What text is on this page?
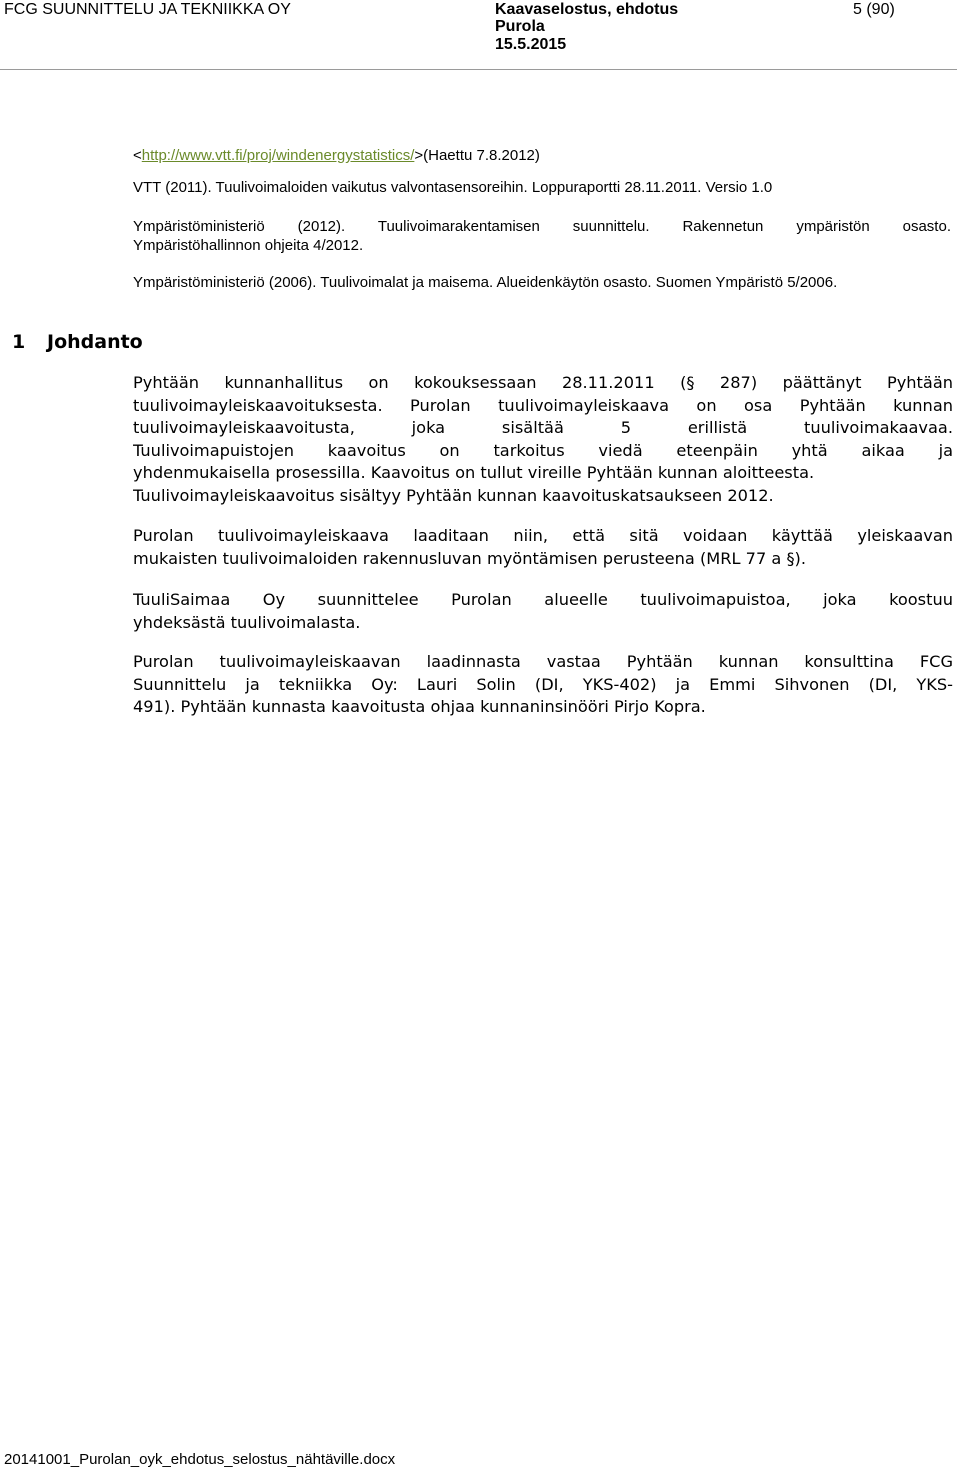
FCG SUUNNITTELU JA TEKNIIKKA OY	Kaavaselostus, ehdotus
Purola
15.5.2015
5 (90)
<http://www.vtt.fi/proj/windenergystatistics/>(Haettu 7.8.2012)
VTT (2011). Tuulivoimaloiden vaikutus valvontasensoreihin. Loppuraportti 28.11.2011. Versio 1.0
Ympäristöministeriö (2012). Tuulivoimarakentamisen suunnittelu. Rakennetun ympäristön osasto.
Ympäristöhallinnon ohjeita 4/2012.
Ympäristöministeriö (2006). Tuulivoimalat ja maisema. Alueidenkäytön osasto. Suomen Ympäristö 5/2006.
1 Johdanto
Pyhtään kunnanhallitus on kokouksessaan 28.11.2011 (§ 287) päättänyt Pyhtään
tuulivoimayleiskaavoituksesta. Purolan tuulivoimayleiskaava on osa Pyhtään kunnan
tuulivoimayleiskaavoitusta, joka sisältää 5 erillistä tuulivoimakaavaa.
Tuulivoimapuistojen kaavoitus on tarkoitus viedä eteenpäin yhtä aikaa ja
yhdenmukaisella prosessilla. Kaavoitus on tullut vireille Pyhtään kunnan aloitteesta.
Tuulivoimayleiskaavoitus sisältyy Pyhtään kunnan kaavoituskatsaukseen 2012.
Purolan tuulivoimayleiskaava laaditaan niin, että sitä voidaan käyttää yleiskaavan
mukaisten tuulivoimaloiden rakennusluvan myöntämisen perusteena (MRL 77 a §).
TuuliSaimaa Oy suunnittelee Purolan alueelle tuulivoimapuistoa, joka koostuu
yhdeksästä tuulivoimalasta.
Purolan tuulivoimayleiskaavan laadinnasta vastaa Pyhtään kunnan konsulttina FCG
Suunnittelu ja tekniikka Oy: Lauri Solin (DI, YKS-402) ja Emmi Sihvonen (DI, YKS-
491). Pyhtään kunnasta kaavoitusta ohjaa kunnaninsinööri Pirjo Kopra.
20141001_Purolan_oyk_ehdotus_selostus_nähtäville.docx
